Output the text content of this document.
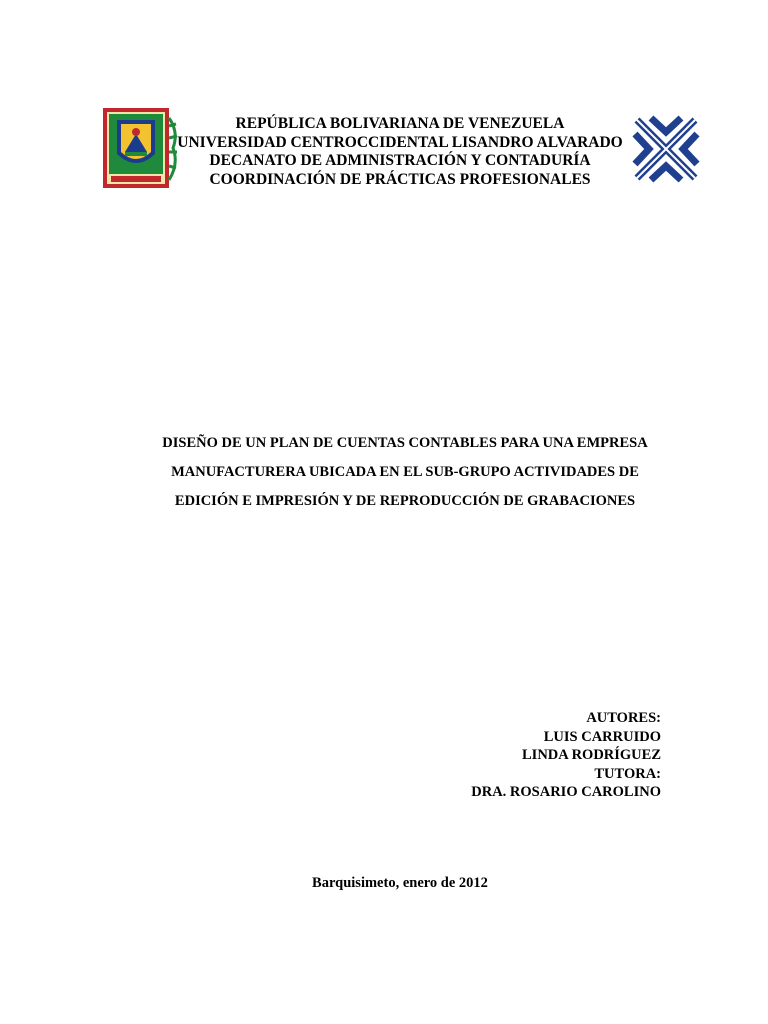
REPÚBLICA BOLIVARIANA DE VENEZUELA
UNIVERSIDAD CENTROCCIDENTAL LISANDRO ALVARADO
DECANATO DE ADMINISTRACIÓN Y CONTADURÍA
COORDINACIÓN DE PRÁCTICAS PROFESIONALES
DISEÑO DE UN PLAN DE CUENTAS CONTABLES PARA UNA EMPRESA
MANUFACTURERA UBICADA EN EL SUB-GRUPO ACTIVIDADES DE
EDICIÓN E IMPRESIÓN Y DE REPRODUCCIÓN DE GRABACIONES
AUTORES:
LUIS CARRUIDO
LINDA RODRÍGUEZ
TUTORA:
DRA. ROSARIO CAROLINO
Barquisimeto, enero de 2012
